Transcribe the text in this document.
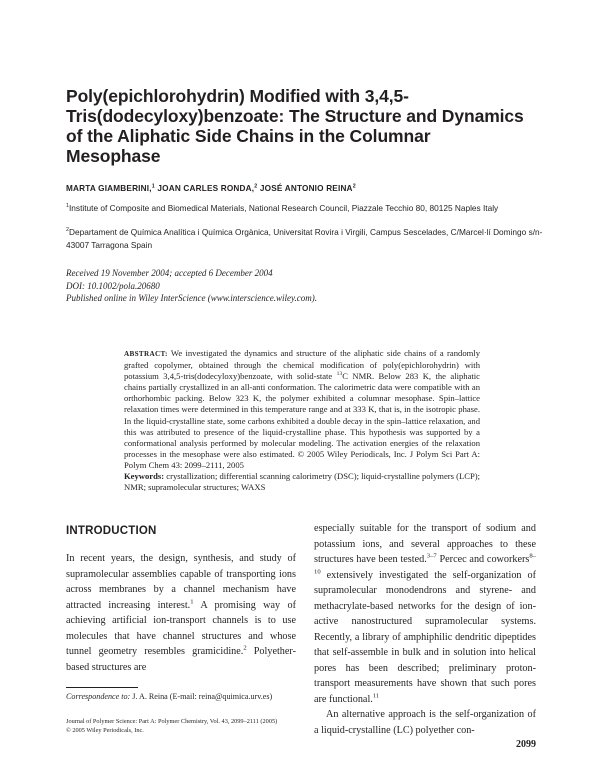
Poly(epichlorohydrin) Modified with 3,4,5-Tris(dodecyloxy)benzoate: The Structure and Dynamics of the Aliphatic Side Chains in the Columnar Mesophase
MARTA GIAMBERINI,$^1$ JOAN CARLES RONDA,$^2$ JOSÉ ANTONIO REINA$^2$
$^1$Institute of Composite and Biomedical Materials, National Research Council, Piazzale Tecchio 80, 80125 Naples Italy
$^2$Departament de Química Analítica i Química Orgànica, Universitat Rovira i Virgili, Campus Sescelades, C/Marcel·lí Domingo s/n-43007 Tarragona Spain
Received 19 November 2004; accepted 6 December 2004
DOI: 10.1002/pola.20680
Published online in Wiley InterScience (www.interscience.wiley.com).
ABSTRACT: We investigated the dynamics and structure of the aliphatic side chains of a randomly grafted copolymer, obtained through the chemical modification of poly(epichlorohydrin) with potassium 3,4,5-tris(dodecyloxy)benzoate, with solid-state $^{13}$C NMR. Below 283 K, the aliphatic chains partially crystallized in an all-anti conformation. The calorimetric data were compatible with an orthorhombic packing. Below 323 K, the polymer exhibited a columnar mesophase. Spin–lattice relaxation times were determined in this temperature range and at 333 K, that is, in the isotropic phase. In the liquid-crystalline state, some carbons exhibited a double decay in the spin–lattice relaxation, and this was attributed to presence of the liquid-crystalline phase. This hypothesis was supported by a conformational analysis performed by molecular modeling. The activation energies of the relaxation processes in the mesophase were also estimated. © 2005 Wiley Periodicals, Inc. J Polym Sci Part A: Polym Chem 43: 2099–2111, 2005
Keywords: crystallization; differential scanning calorimetry (DSC); liquid-crystalline polymers (LCP); NMR; supramolecular structures; WAXS
INTRODUCTION

In recent years, the design, synthesis, and study of supramolecular assemblies capable of transporting ions across membranes by a channel mechanism have attracted increasing interest.$^1$ A promising way of achieving artificial ion-transport channels is to use molecules that have channel structures and whose tunnel geometry resembles gramicidine.$^2$ Polyether-based structures are

especially suitable for the transport of sodium and potassium ions, and several approaches to these structures have been tested.$^{3-7}$ Percec and coworkers$^{8-10}$ extensively investigated the self-organization of supramolecular monodendrons and styrene- and methacrylate-based networks for the design of ion-active nanostructured supramolecular systems. Recently, a library of amphiphilic dendritic dipeptides that self-assemble in bulk and in solution into helical pores has been described; preliminary proton-transport measurements have shown that such pores are functional.$^{11}$

An alternative approach is the self-organization of a liquid-crystalline (LC) polyether con-

Correspondence to: J. A. Reina (E-mail: reina@quimica.urv.es)
Journal of Polymer Science: Part A: Polymer Chemistry, Vol. 43, 2099–2111 (2005)
© 2005 Wiley Periodicals, Inc.
2099
